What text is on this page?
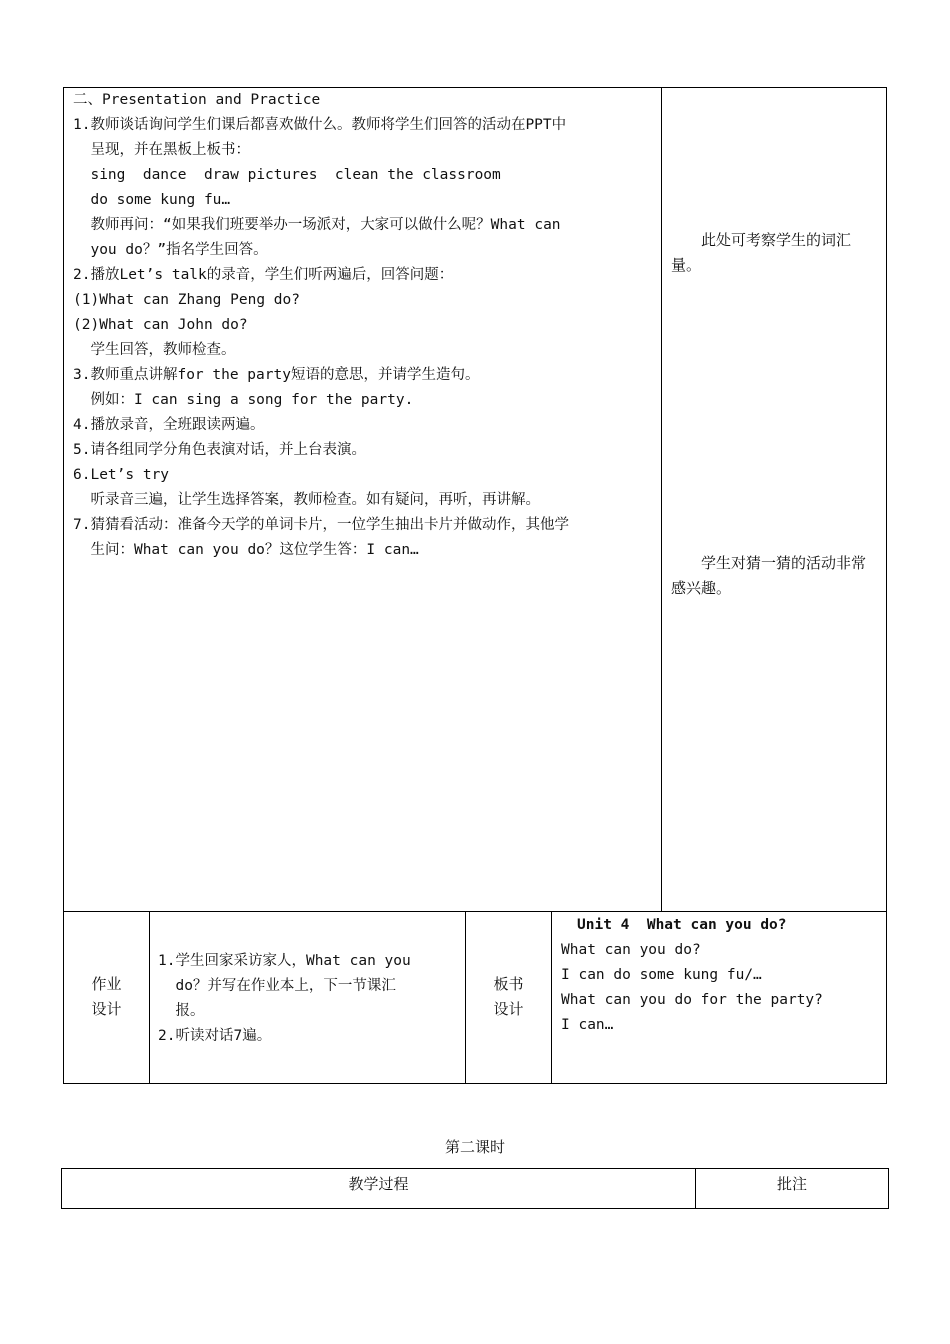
二、Presentation and Practice
1.教师谈话询问学生们课后都喜欢做什么。教师将学生们回答的活动在PPT中
呈现，并在黑板上板书：
sing  dance  draw pictures  clean the classroom
do some kung fu…
教师再问：“如果我们班要举办一场派对，大家可以做什么呢？What can
you do？”指名学生回答。
2.播放Let’s talk的录音，学生们听两遍后，回答问题：
(1)What can Zhang Peng do?
(2)What can John do?
学生回答，教师检查。
3.教师重点讲解for the party短语的意思，并请学生造句。
例如：I can sing a song for the party.
4.播放录音，全班跟读两遍。
5.请各组同学分角色表演对话，并上台表演。
6.Let’s try
听录音三遍，让学生选择答案，教师检查。如有疑问，再听，再讲解。
7.猜猜看活动：准备今天学的单词卡片，一位学生抽出卡片并做动作，其他学
生问：What can you do？这位学生答：I can…
此处可考察学生的词汇量。
学生对猜一猜的活动非常感兴趣。
作业
设计
1.学生回家采访家人，What can you
do？并写在作业本上，下一节课汇
报。
2.听读对话7遍。
板书
设计
Unit 4  What can you do?
What can you do?
I can do some kung fu/…
What can you do for the party?
I can…
第二课时
教学过程	批注
